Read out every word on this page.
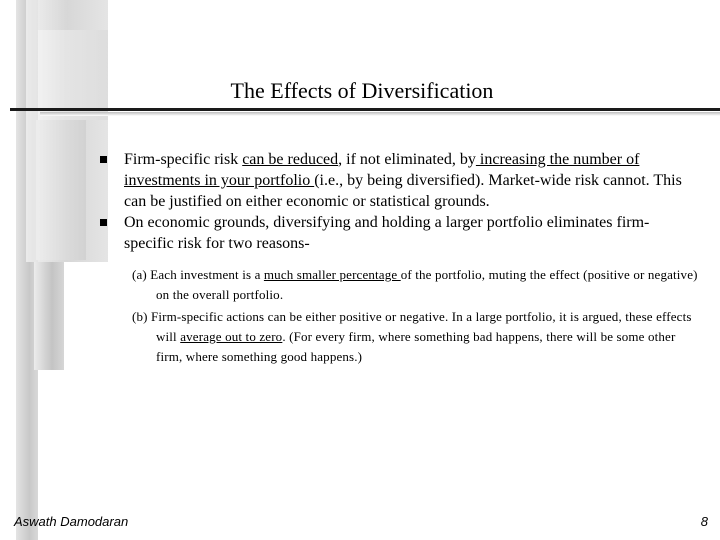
The Effects of Diversification
Firm-specific risk can be reduced, if not eliminated, by increasing the number of investments in your portfolio (i.e., by being diversified). Market-wide risk cannot. This can be justified on either economic or statistical grounds.
On economic grounds, diversifying and holding a larger portfolio eliminates firm-specific risk for two reasons-
(a) Each investment is a much smaller percentage of the portfolio, muting the effect (positive or negative) on the overall portfolio.
(b) Firm-specific actions can be either positive or negative. In a large portfolio, it is argued, these effects will average out to zero. (For every firm, where something bad happens, there will be some other firm, where something good happens.)
Aswath Damodaran	8
